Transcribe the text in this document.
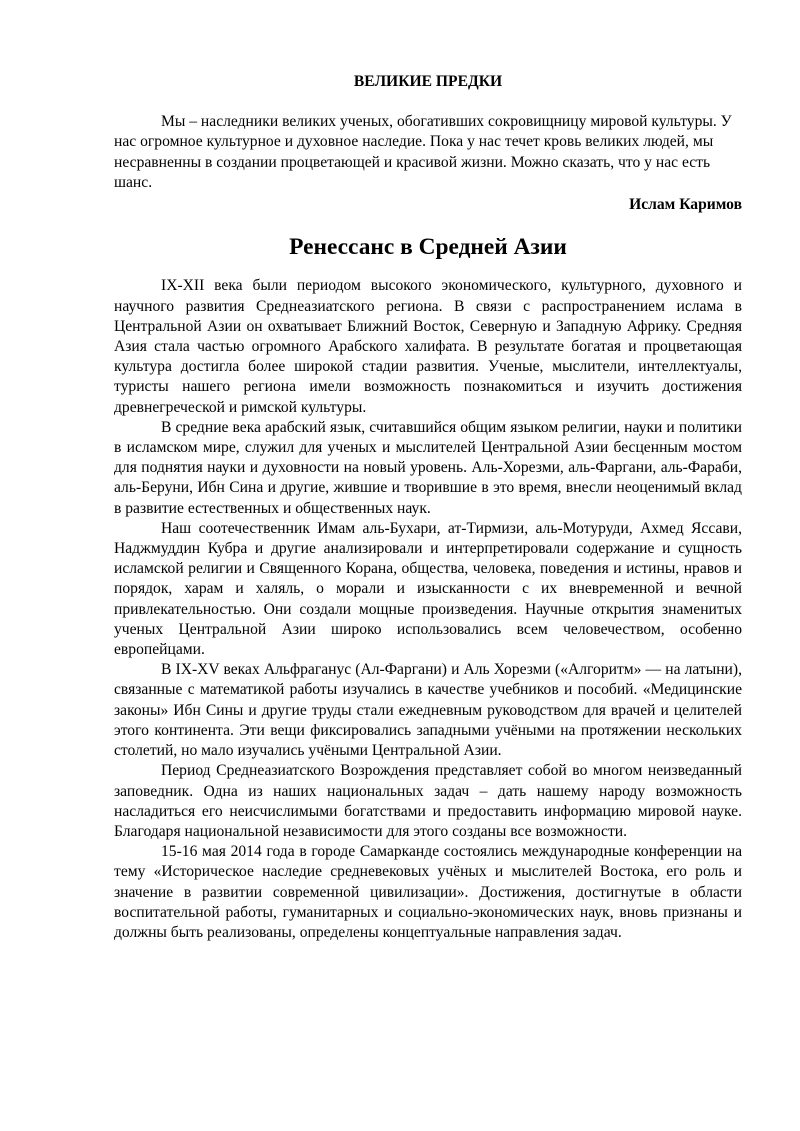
ВЕЛИКИЕ ПРЕДКИ

Мы – наследники великих ученых, обогативших сокровищницу мировой культуры. У нас огромное культурное и духовное наследие. Пока у нас течет кровь великих людей, мы несравненны в создании процветающей и красивой жизни. Можно сказать, что у нас есть шанс.

Ислам Каримов

Ренессанс в Средней Азии

IX-XII века были периодом высокого экономического, культурного, духовного и научного развития Среднеазиатского региона. В связи с распространением ислама в Центральной Азии он охватывает Ближний Восток, Северную и Западную Африку. Средняя Азия стала частью огромного Арабского халифата. В результате богатая и процветающая культура достигла более широкой стадии развития. Ученые, мыслители, интеллектуалы, туристы нашего региона имели возможность познакомиться и изучить достижения древнегреческой и римской культуры.

В средние века арабский язык, считавшийся общим языком религии, науки и политики в исламском мире, служил для ученых и мыслителей Центральной Азии бесценным мостом для поднятия науки и духовности на новый уровень. Аль-Хорезми, аль-Фаргани, аль-Фараби, аль-Беруни, Ибн Сина и другие, жившие и творившие в это время, внесли неоценимый вклад в развитие естественных и общественных наук.

Наш соотечественник Имам аль-Бухари, ат-Тирмизи, аль-Мотуруди, Ахмед Яссави, Наджмуддин Кубра и другие анализировали и интерпретировали содержание и сущность исламской религии и Священного Корана, общества, человека, поведения и истины, нравов и порядок, харам и халяль, о морали и изысканности с их вневременной и вечной привлекательностью. Они создали мощные произведения. Научные открытия знаменитых ученых Центральной Азии широко использовались всем человечеством, особенно европейцами.

В IX-XV веках Альфраганус (Ал-Фаргани) и Аль Хорезми («Алгоритм» — на латыни), связанные с математикой работы изучались в качестве учебников и пособий. «Медицинские законы» Ибн Сины и другие труды стали ежедневным руководством для врачей и целителей этого континента. Эти вещи фиксировались западными учёными на протяжении нескольких столетий, но мало изучались учёными Центральной Азии.

Период Среднеазиатского Возрождения представляет собой во многом неизведанный заповедник. Одна из наших национальных задач – дать нашему народу возможность насладиться его неисчислимыми богатствами и предоставить информацию мировой науке. Благодаря национальной независимости для этого созданы все возможности.

15-16 мая 2014 года в городе Самарканде состоялись международные конференции на тему «Историческое наследие средневековых учёных и мыслителей Востока, его роль и значение в развитии современной цивилизации». Достижения, достигнутые в области воспитательной работы, гуманитарных и социально-экономических наук, вновь признаны и должны быть реализованы, определены концептуальные направления задач.
